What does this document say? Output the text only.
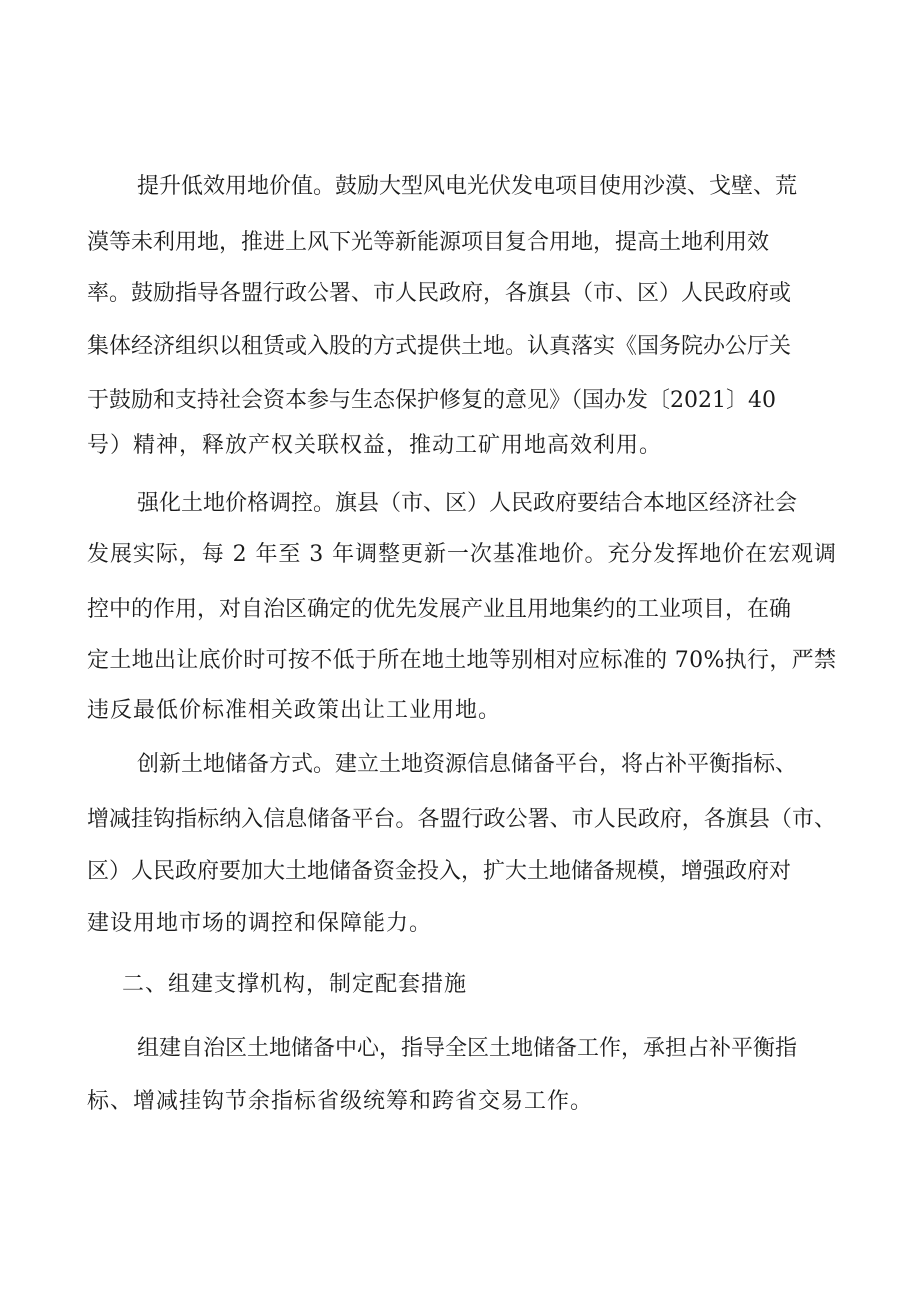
提升低效用地价值。鼓励大型风电光伏发电项目使用沙漠、戈壁、荒
漠等未利用地，推进上风下光等新能源项目复合用地，提高土地利用效
率。鼓励指导各盟行政公署、市人民政府，各旗县（市、区）人民政府或
集体经济组织以租赁或入股的方式提供土地。认真落实《国务院办公厅关
于鼓励和支持社会资本参与生态保护修复的意见》（国办发〔2021〕40
号）精神，释放产权关联权益，推动工矿用地高效利用。
强化土地价格调控。旗县（市、区）人民政府要结合本地区经济社会
发展实际，每 2 年至 3 年调整更新一次基准地价。充分发挥地价在宏观调
控中的作用，对自治区确定的优先发展产业且用地集约的工业项目，在确
定土地出让底价时可按不低于所在地土地等别相对应标准的 70%执行，严禁
违反最低价标准相关政策出让工业用地。
创新土地储备方式。建立土地资源信息储备平台，将占补平衡指标、
增减挂钩指标纳入信息储备平台。各盟行政公署、市人民政府，各旗县（市、
区）人民政府要加大土地储备资金投入，扩大土地储备规模，增强政府对
建设用地市场的调控和保障能力。
二、组建支撑机构，制定配套措施
组建自治区土地储备中心，指导全区土地储备工作，承担占补平衡指
标、增减挂钩节余指标省级统筹和跨省交易工作。
